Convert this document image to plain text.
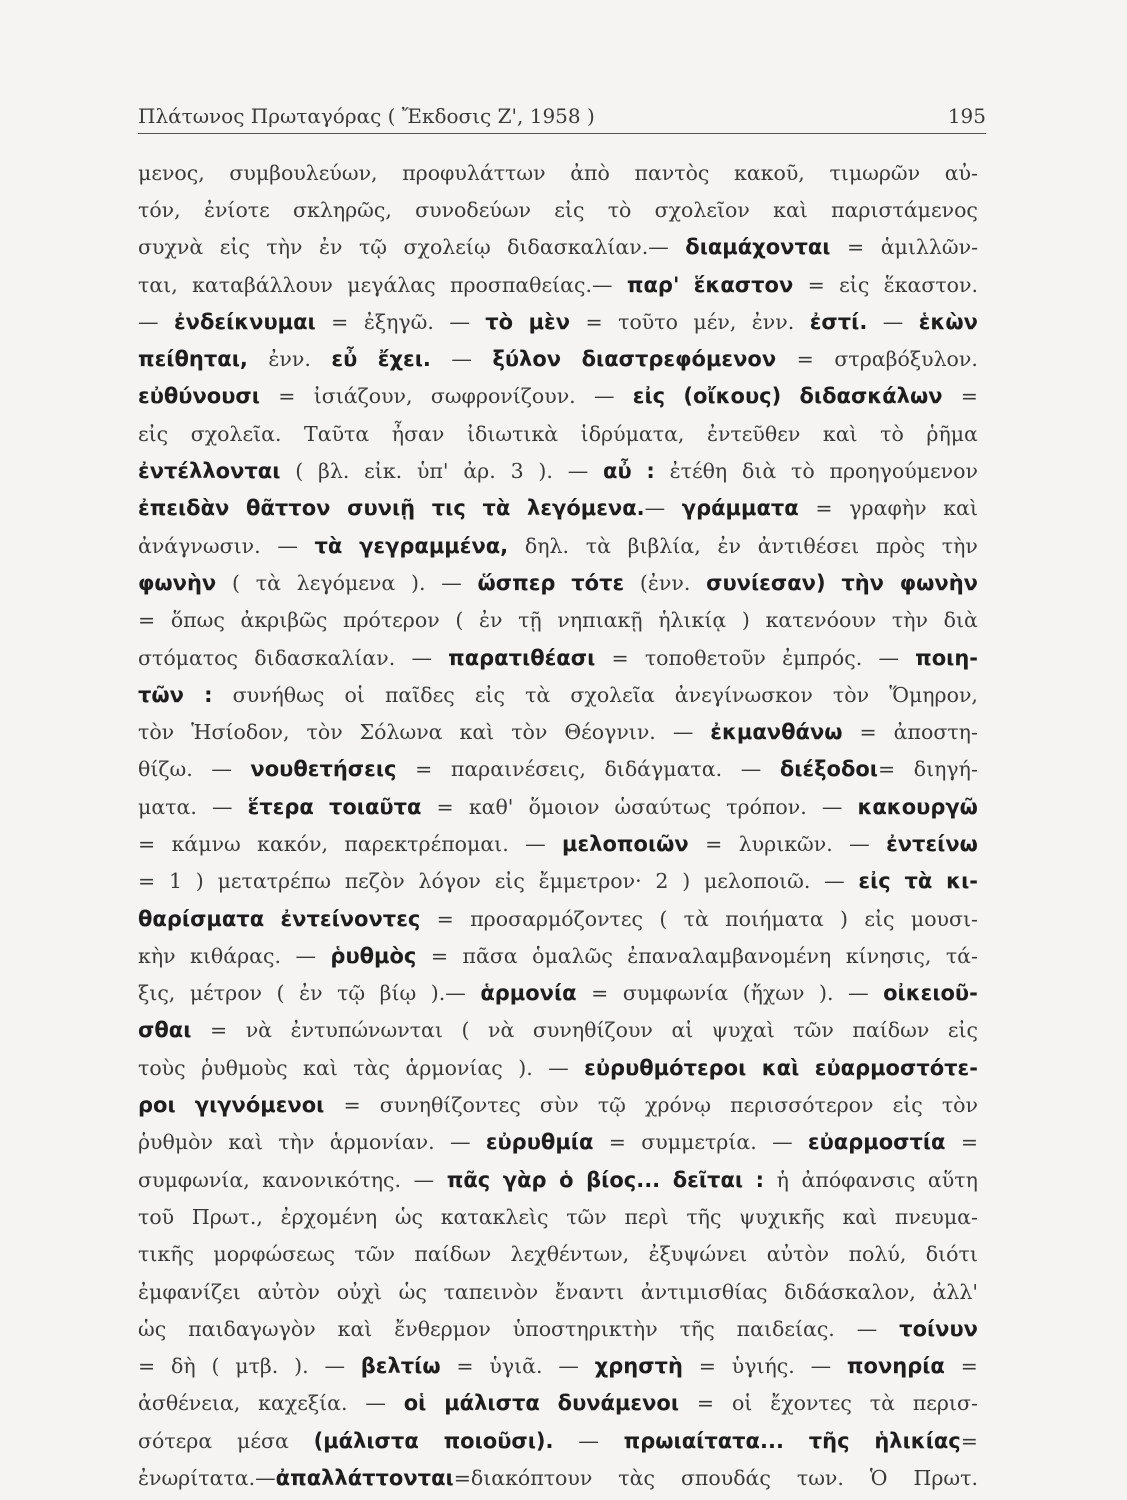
Πλάτωνος Πρωταγόρας ( Ἔκδοσις Ζ', 1958 )	195
μενος, συμβουλεύων, προφυλάττων ἀπὸ παντὸς κακοῦ, τιμωρῶν αὐ-
τόν, ἐνίοτε σκληρῶς, συνοδεύων εἰς τὸ σχολεῖον καὶ παριστάμενος
συχνὰ εἰς τὴν ἐν τῷ σχολείῳ διδασκαλίαν.— διαμάχονται = ἁμιλλῶν-
ται, καταβάλλουν μεγάλας προσπαθείας.— παρ' ἕκαστον = εἰς ἕκαστον.
— ἐνδείκνυμαι = ἐξηγῶ. — τὸ μὲν = τοῦτο μέν, ἐνν. ἐστί. — ἑκὼν
πείθηται, ἐνν. εὖ ἔχει. — ξύλον διαστρεφόμενον = στραβόξυλον.
εὐθύνουσι = ἰσιάζουν, σωφρονίζουν. — εἰς (οἴκους) διδασκάλων =
εἰς σχολεῖα. Ταῦτα ἦσαν ἰδιωτικὰ ἱδρύματα, ἐντεῦθεν καὶ τὸ ῥῆμα
ἐντέλλονται ( βλ. εἰκ. ὑπ' ἀρ. 3 ). — αὖ : ἐτέθη διὰ τὸ προηγούμενον
ἐπειδὰν θᾶττον συνιῇ τις τὰ λεγόμενα.— γράμματα = γραφὴν καὶ
ἀνάγνωσιν. — τὰ γεγραμμένα, δηλ. τὰ βιβλία, ἐν ἀντιθέσει πρὸς τὴν
φωνὴν ( τὰ λεγόμενα ). — ὥσπερ τότε (ἐνν. συνίεσαν) τὴν φωνὴν
= ὅπως ἀκριβῶς πρότερον ( ἐν τῇ νηπιακῇ ἡλικίᾳ ) κατενόουν τὴν διὰ
στόματος διδασκαλίαν. — παρατιθέασι = τοποθετοῦν ἐμπρός. — ποιη-
τῶν : συνήθως οἱ παῖδες εἰς τὰ σχολεῖα ἀνεγίνωσκον τὸν Ὅμηρον,
τὸν Ἡσίοδον, τὸν Σόλωνα καὶ τὸν Θέογνιν. — ἐκμανθάνω = ἀποστη-
θίζω. — νουθετήσεις = παραινέσεις, διδάγματα. — διέξοδοι= διηγή-
ματα. — ἕτερα τοιαῦτα = καθ' ὅμοιον ὡσαύτως τρόπον. — κακουργῶ
= κάμνω κακόν, παρεκτρέπομαι. — μελοποιῶν = λυρικῶν. — ἐντείνω
= 1 ) μετατρέπω πεζὸν λόγον εἰς ἔμμετρον· 2 ) μελοποιῶ. — εἰς τὰ κι-
θαρίσματα ἐντείνοντες = προσαρμόζοντες ( τὰ ποιήματα ) εἰς μουσι-
κὴν κιθάρας. — ῥυθμὸς = πᾶσα ὁμαλῶς ἐπαναλαμβανομένη κίνησις, τά-
ξις, μέτρον ( ἐν τῷ βίῳ ).— ἁρμονία = συμφωνία (ἤχων ). — οἰκειοῦ-
σθαι = νὰ ἐντυπώνωνται ( νὰ συνηθίζουν αἱ ψυχαὶ τῶν παίδων εἰς
τοὺς ῥυθμοὺς καὶ τὰς ἁρμονίας ). — εὐρυθμότεροι καὶ εὐαρμοστότε-
ροι γιγνόμενοι = συνηθίζοντες σὺν τῷ χρόνῳ περισσότερον εἰς τὸν
ῥυθμὸν καὶ τὴν ἁρμονίαν. — εὐρυθμία = συμμετρία. — εὐαρμοστία =
συμφωνία, κανονικότης. — πᾶς γὰρ ὁ βίος... δεῖται : ἡ ἀπόφανσις αὕτη
τοῦ Πρωτ., ἐρχομένη ὡς κατακλεὶς τῶν περὶ τῆς ψυχικῆς καὶ πνευμα-
τικῆς μορφώσεως τῶν παίδων λεχθέντων, ἐξυψώνει αὐτὸν πολύ, διότι
ἐμφανίζει αὐτὸν οὐχὶ ὡς ταπεινὸν ἔναντι ἀντιμισθίας διδάσκαλον, ἀλλ'
ὡς παιδαγωγὸν καὶ ἔνθερμον ὑποστηρικτὴν τῆς παιδείας. — τοίνυν
= δὴ ( μτβ. ). — βελτίω = ὑγιᾶ. — χρηστὴ = ὑγιής. — πονηρία =
ἀσθένεια, καχεξία. — οἱ μάλιστα δυνάμενοι = οἱ ἔχοντες τὰ περισ-
σότερα μέσα (μάλιστα ποιοῦσι). — πρωιαίτατα... τῆς ἡλικίας=
ἐνωρίτατα.—ἀπαλλάττονται=διακόπτουν τὰς σπουδάς των. Ὁ Πρωτ.
